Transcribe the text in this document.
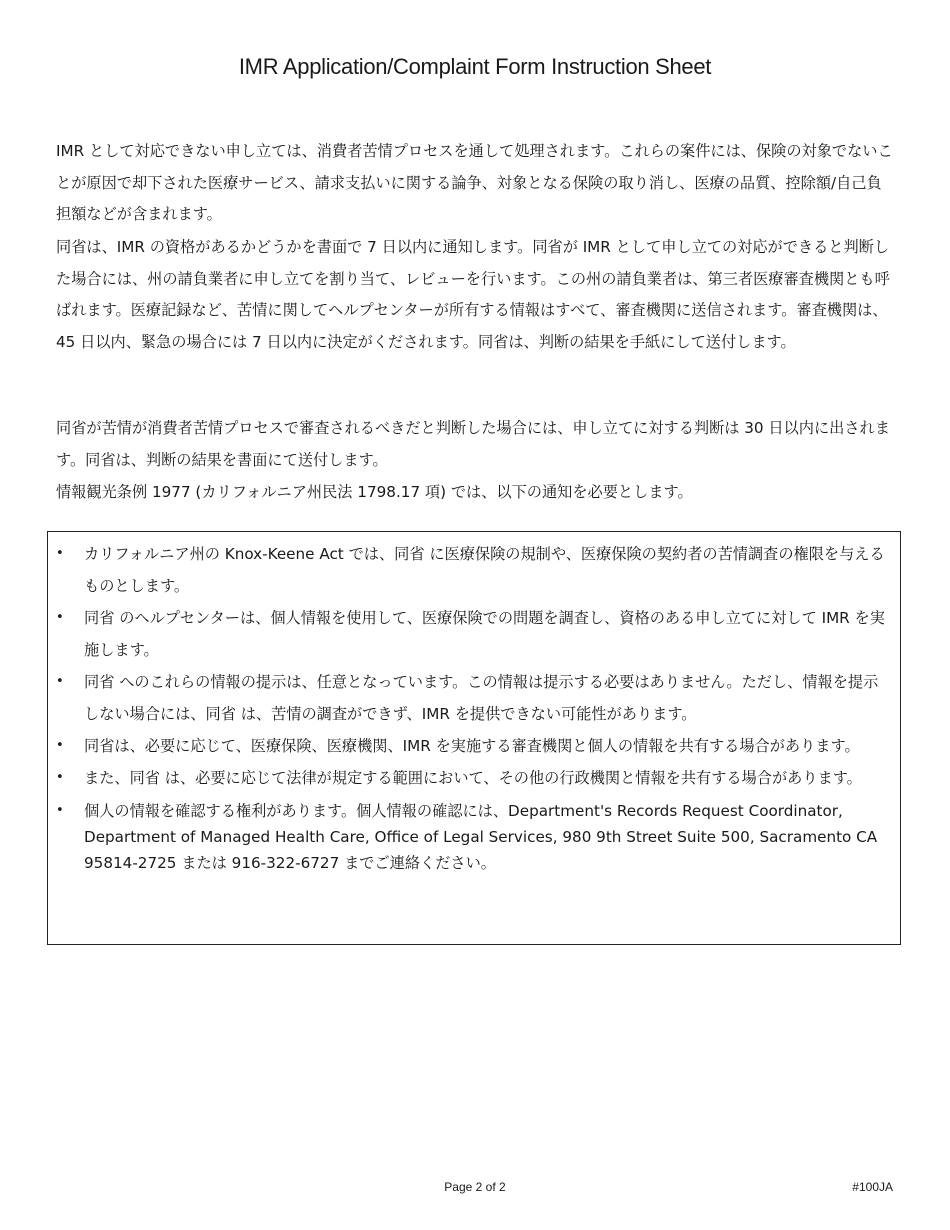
IMR Application/Complaint Form Instruction Sheet
IMR として対応できない申し立ては、消費者苦情プロセスを通して処理されます。これらの案件には、保険の対象でないことが原因で却下された医療サービス、請求支払いに関する論争、対象となる保険の取り消し、医療の品質、控除額/自己負担額などが含まれます。
同省は、IMR の資格があるかどうかを書面で 7 日以内に通知します。同省が IMR として申し立ての対応ができると判断した場合には、州の請負業者に申し立てを割り当て、レビューを行います。この州の請負業者は、第三者医療審査機関とも呼ばれます。医療記録など、苦情に関してヘルプセンターが所有する情報はすべて、審査機関に送信されます。審査機関は、45 日以内、緊急の場合には 7 日以内に決定がくだされます。同省は、判断の結果を手紙にして送付します。
同省が苦情が消費者苦情プロセスで審査されるべきだと判断した場合には、申し立てに対する判断は 30 日以内に出されます。同省は、判断の結果を書面にて送付します。
情報観光条例 1977 (カリフォルニア州民法 1798.17 項) では、以下の通知を必要とします。
• カリフォルニア州の Knox-Keene Act では、同省 に医療保険の規制や、医療保険の契約者の苦情調査の権限を与えるものとします。
• 同省 のヘルプセンターは、個人情報を使用して、医療保険での問題を調査し、資格のある申し立てに対して IMR を実施します。
• 同省 へのこれらの情報の提示は、任意となっています。この情報は提示する必要はありません。ただし、情報を提示しない場合には、同省 は、苦情の調査ができず、IMR を提供できない可能性があります。
• 同省は、必要に応じて、医療保険、医療機関、IMR を実施する審査機関と個人の情報を共有する場合があります。
• また、同省 は、必要に応じて法律が規定する範囲において、その他の行政機関と情報を共有する場合があります。
• 個人の情報を確認する権利があります。個人情報の確認には、Department's Records Request Coordinator, Department of Managed Health Care, Office of Legal Services, 980 9th Street Suite 500, Sacramento CA 95814-2725 または 916-322-6727 までご連絡ください。
Page 2 of 2	#100JA
